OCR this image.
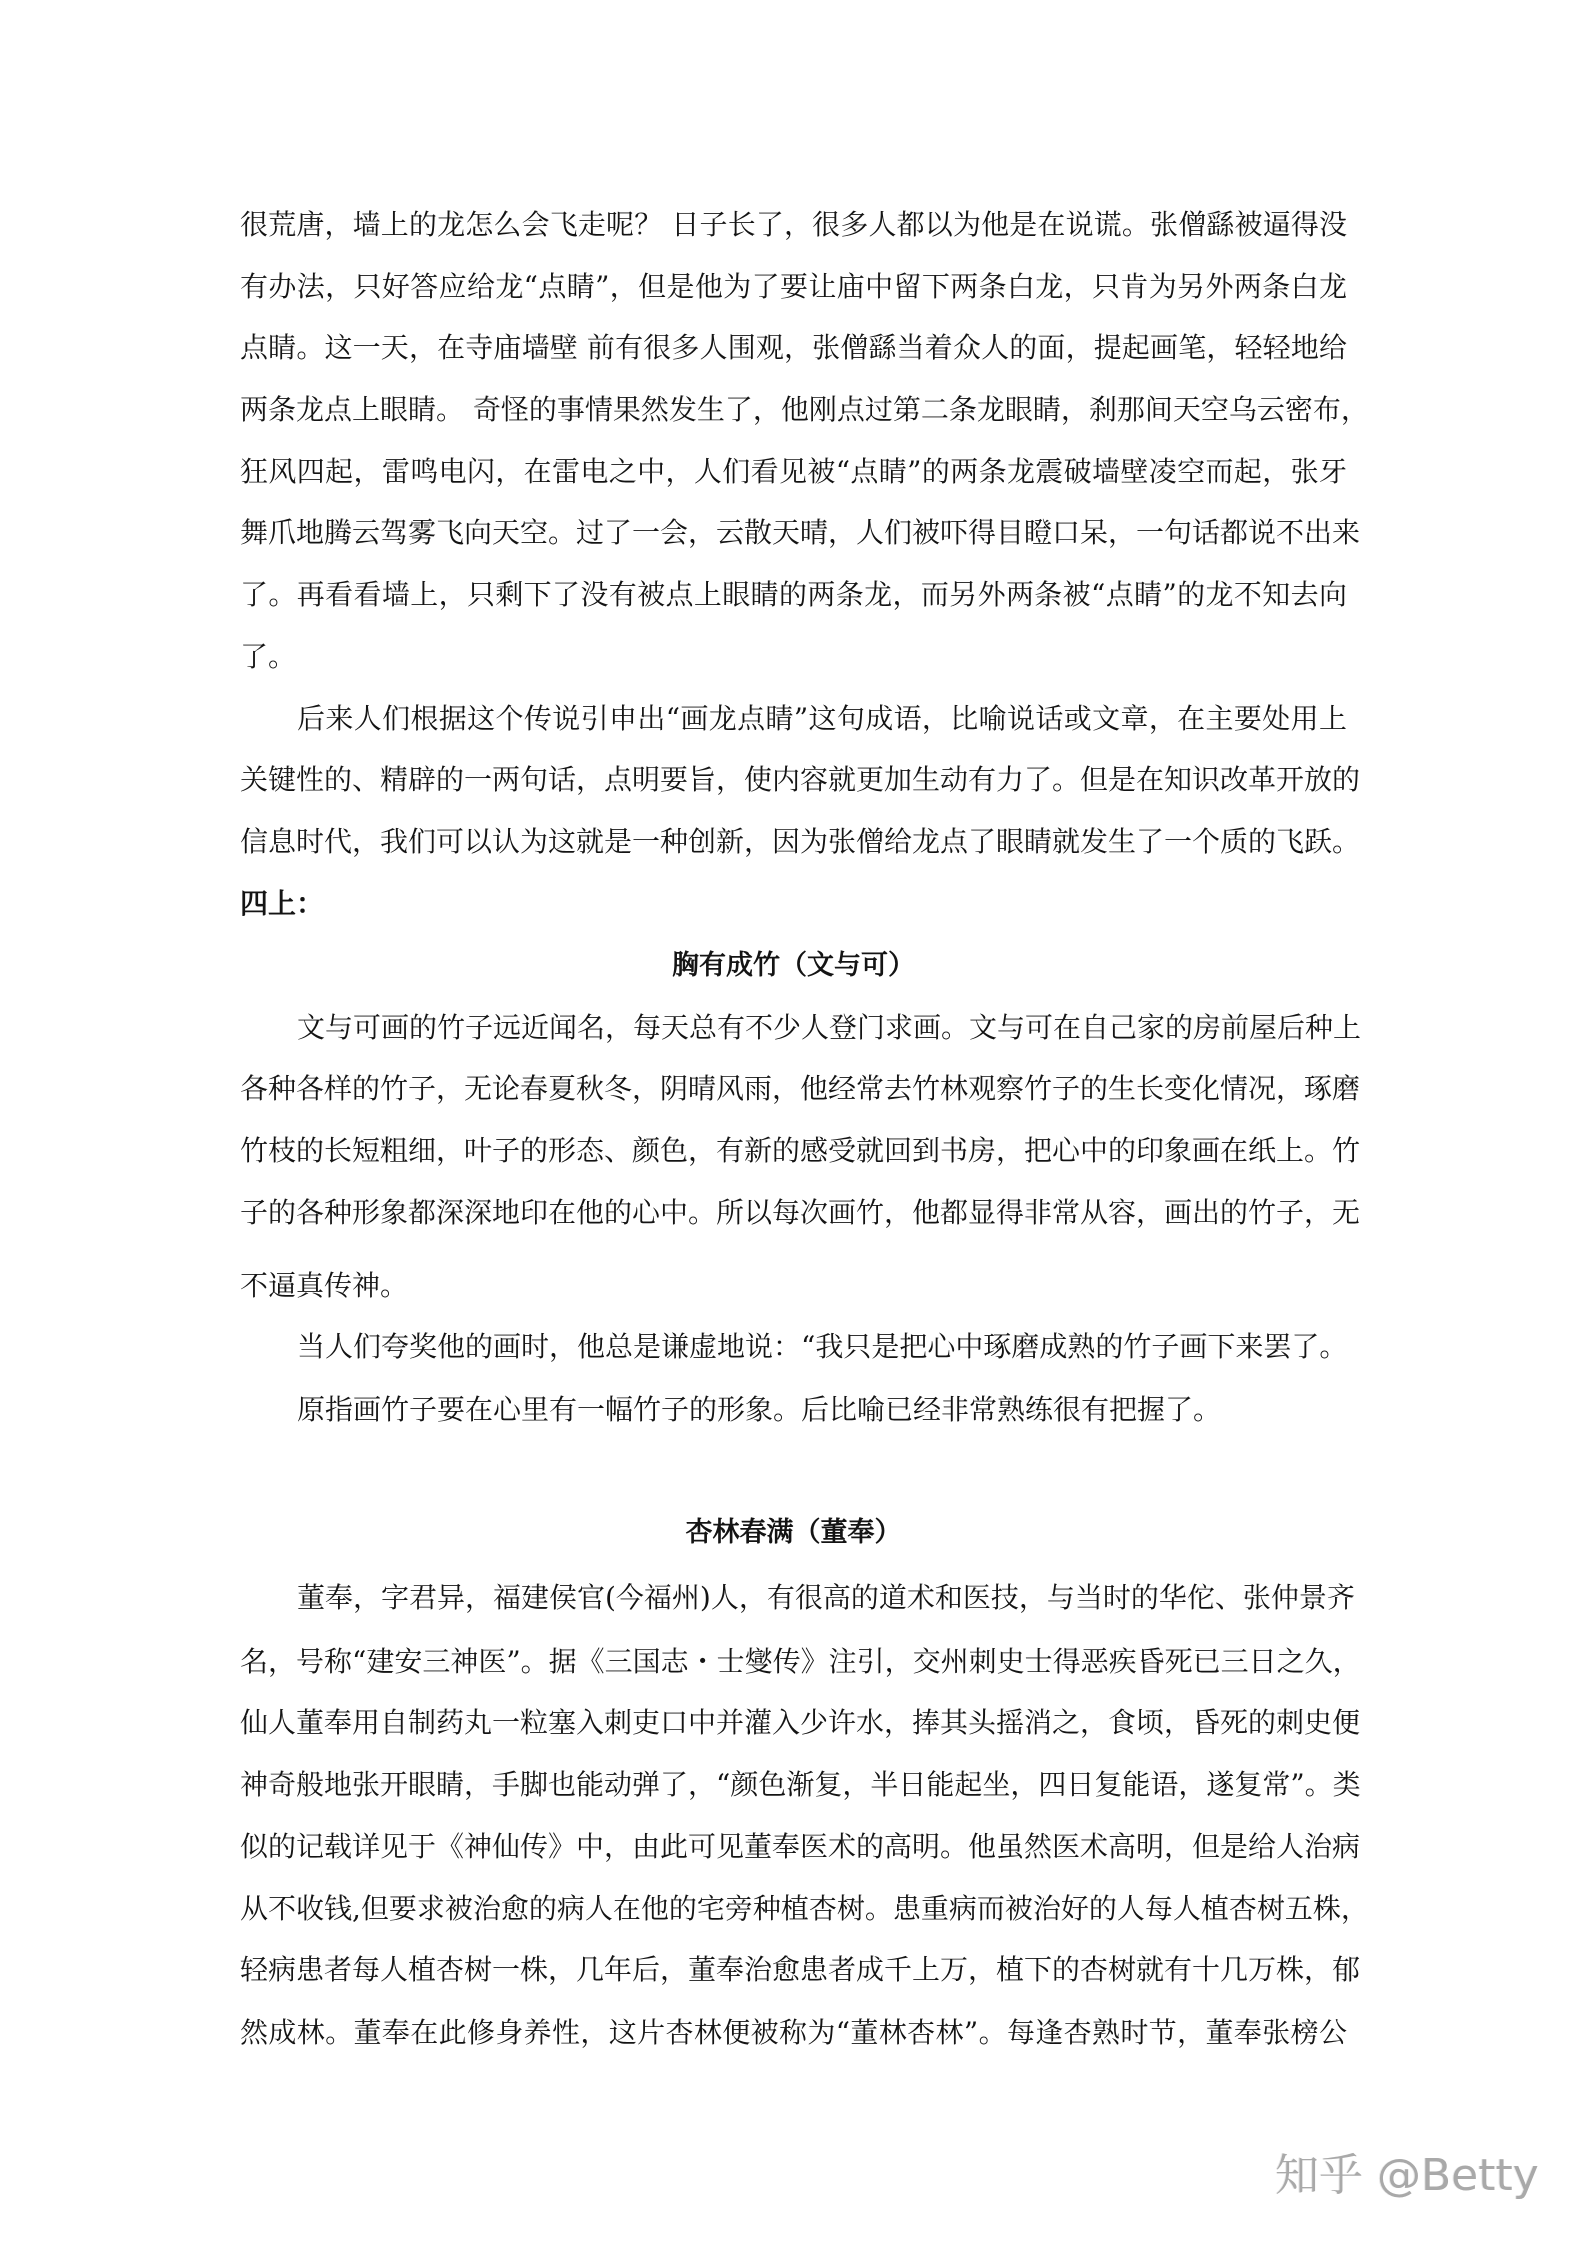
很荒唐，墙上的龙怎么会飞走呢？ 日子长了，很多人都以为他是在说谎。张僧繇被逼得没
有办法，只好答应给龙“点睛”，但是他为了要让庙中留下两条白龙，只肯为另外两条白龙
点睛。这一天，在寺庙墙壁 前有很多人围观，张僧繇当着众人的面，提起画笔，轻轻地给
两条龙点上眼睛。 奇怪的事情果然发生了，他刚点过第二条龙眼睛，刹那间天空乌云密布，
狂风四起，雷鸣电闪，在雷电之中，人们看见被“点睛”的两条龙震破墙壁凌空而起，张牙
舞爪地腾云驾雾飞向天空。过了一会，云散天晴，人们被吓得目瞪口呆，一句话都说不出来
了。再看看墙上，只剩下了没有被点上眼睛的两条龙，而另外两条被“点睛”的龙不知去向
了。
后来人们根据这个传说引申出“画龙点睛”这句成语，比喻说话或文章，在主要处用上
关键性的、精辟的一两句话，点明要旨，使内容就更加生动有力了。但是在知识改革开放的
信息时代，我们可以认为这就是一种创新，因为张僧给龙点了眼睛就发生了一个质的飞跃。
四上：
胸有成竹（文与可）
文与可画的竹子远近闻名，每天总有不少人登门求画。文与可在自己家的房前屋后种上
各种各样的竹子，无论春夏秋冬，阴晴风雨，他经常去竹林观察竹子的生长变化情况，琢磨
竹枝的长短粗细，叶子的形态、颜色，有新的感受就回到书房，把心中的印象画在纸上。竹
子的各种形象都深深地印在他的心中。所以每次画竹，他都显得非常从容，画出的竹子，无
不逼真传神。
当人们夸奖他的画时，他总是谦虚地说：“我只是把心中琢磨成熟的竹子画下来罢了。
原指画竹子要在心里有一幅竹子的形象。后比喻已经非常熟练很有把握了。
杏林春满（董奉）
董奉，字君异，福建侯官(今福州)人，有很高的道术和医技，与当时的华佗、张仲景齐
名，号称“建安三神医”。据《三国志・士燮传》注引，交州刺史士得恶疾昏死已三日之久，
仙人董奉用自制药丸一粒塞入刺吏口中并灌入少许水，捧其头摇消之，食顷，昏死的刺史便
神奇般地张开眼睛，手脚也能动弹了，“颜色渐复，半日能起坐，四日复能语，遂复常”。类
似的记载详见于《神仙传》中，由此可见董奉医术的高明。他虽然医术高明，但是给人治病
从不收钱,但要求被治愈的病人在他的宅旁种植杏树。患重病而被治好的人每人植杏树五株，
轻病患者每人植杏树一株，几年后，董奉治愈患者成千上万，植下的杏树就有十几万株，郁
然成林。董奉在此修身养性，这片杏林便被称为“董林杏林”。每逢杏熟时节，董奉张榜公
知乎 @Betty
